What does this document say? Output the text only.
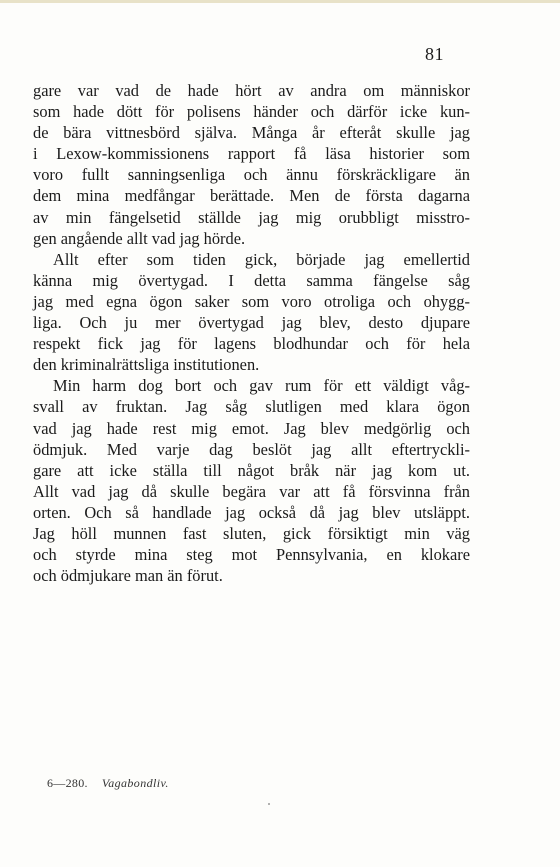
81
gare var vad de hade hört av andra om människor
som hade dött för polisens händer och därför icke kun-
de bära vittnesbörd själva. Många år efteråt skulle jag
i Lexow-kommissionens rapport få läsa historier som
voro fullt sanningsenliga och ännu förskräckligare än
dem mina medfångar berättade. Men de första dagarna
av min fängelsetid ställde jag mig orubbligt misstro-
gen angående allt vad jag hörde.
Allt efter som tiden gick, började jag emellertid
känna mig övertygad. I detta samma fängelse såg
jag med egna ögon saker som voro otroliga och ohygg-
liga. Och ju mer övertygad jag blev, desto djupare
respekt fick jag för lagens blodhundar och för hela
den kriminalrättsliga institutionen.
Min harm dog bort och gav rum för ett väldigt våg-
svall av fruktan. Jag såg slutligen med klara ögon
vad jag hade rest mig emot. Jag blev medgörlig och
ödmjuk. Med varje dag beslöt jag allt eftertryckli-
gare att icke ställa till något bråk när jag kom ut.
Allt vad jag då skulle begära var att få försvinna från
orten. Och så handlade jag också då jag blev utsläppt.
Jag höll munnen fast sluten, gick försiktigt min väg
och styrde mina steg mot Pennsylvania, en klokare
och ödmjukare man än förut.
6—280. Vagabondliv.
